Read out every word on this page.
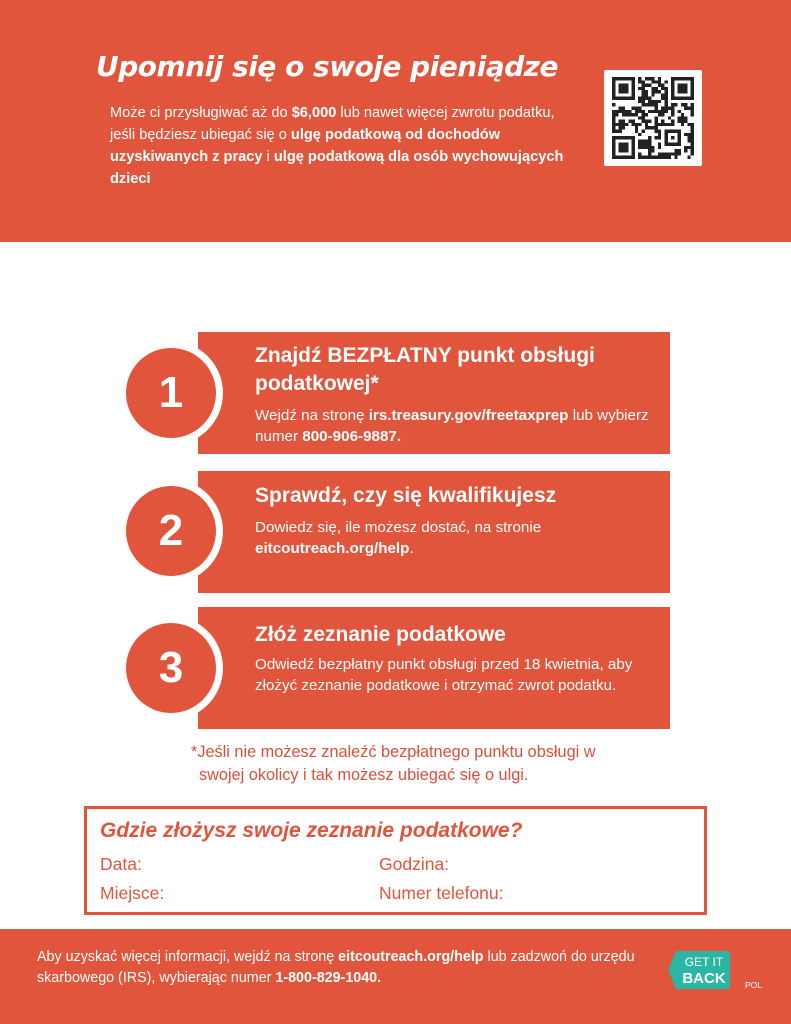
Upomnij się o swoje pieniądze
Może ci przysługiwać aż do $6,000 lub nawet więcej zwrotu podatku, jeśli będziesz ubiegać się o ulgę podatkową od dochodów uzyskiwanych z pracy i ulgę podatkową dla osób wychowujących dzieci
Znajdź BEZPŁATNY punkt obsługi podatkowej*
Wejdź na stronę irs.treasury.gov/freetaxprep lub wybierz numer 800-906-9887.
1
Sprawdź, czy się kwalifikujesz
Dowiedz się, ile możesz dostać, na stronie eitcoutreach.org/help.
2
Złóż zeznanie podatkowe
Odwiedź bezpłatny punkt obsługi przed 18 kwietnia, aby złożyć zeznanie podatkowe i otrzymać zwrot podatku.
3
*Jeśli nie możesz znaleźć bezpłatnego punktu obsługi w
swojej okolicy i tak możesz ubiegać się o ulgi.
Gdzie złożysz swoje zeznanie podatkowe?
Data:	Godzina:
Miejsce:	Numer telefonu:
Aby uzyskać więcej informacji, wejdź na stronę eitcoutreach.org/help lub zadzwoń do urzędu skarbowego (IRS), wybierając numer 1-800-829-1040.
GET IT
BACK POL
